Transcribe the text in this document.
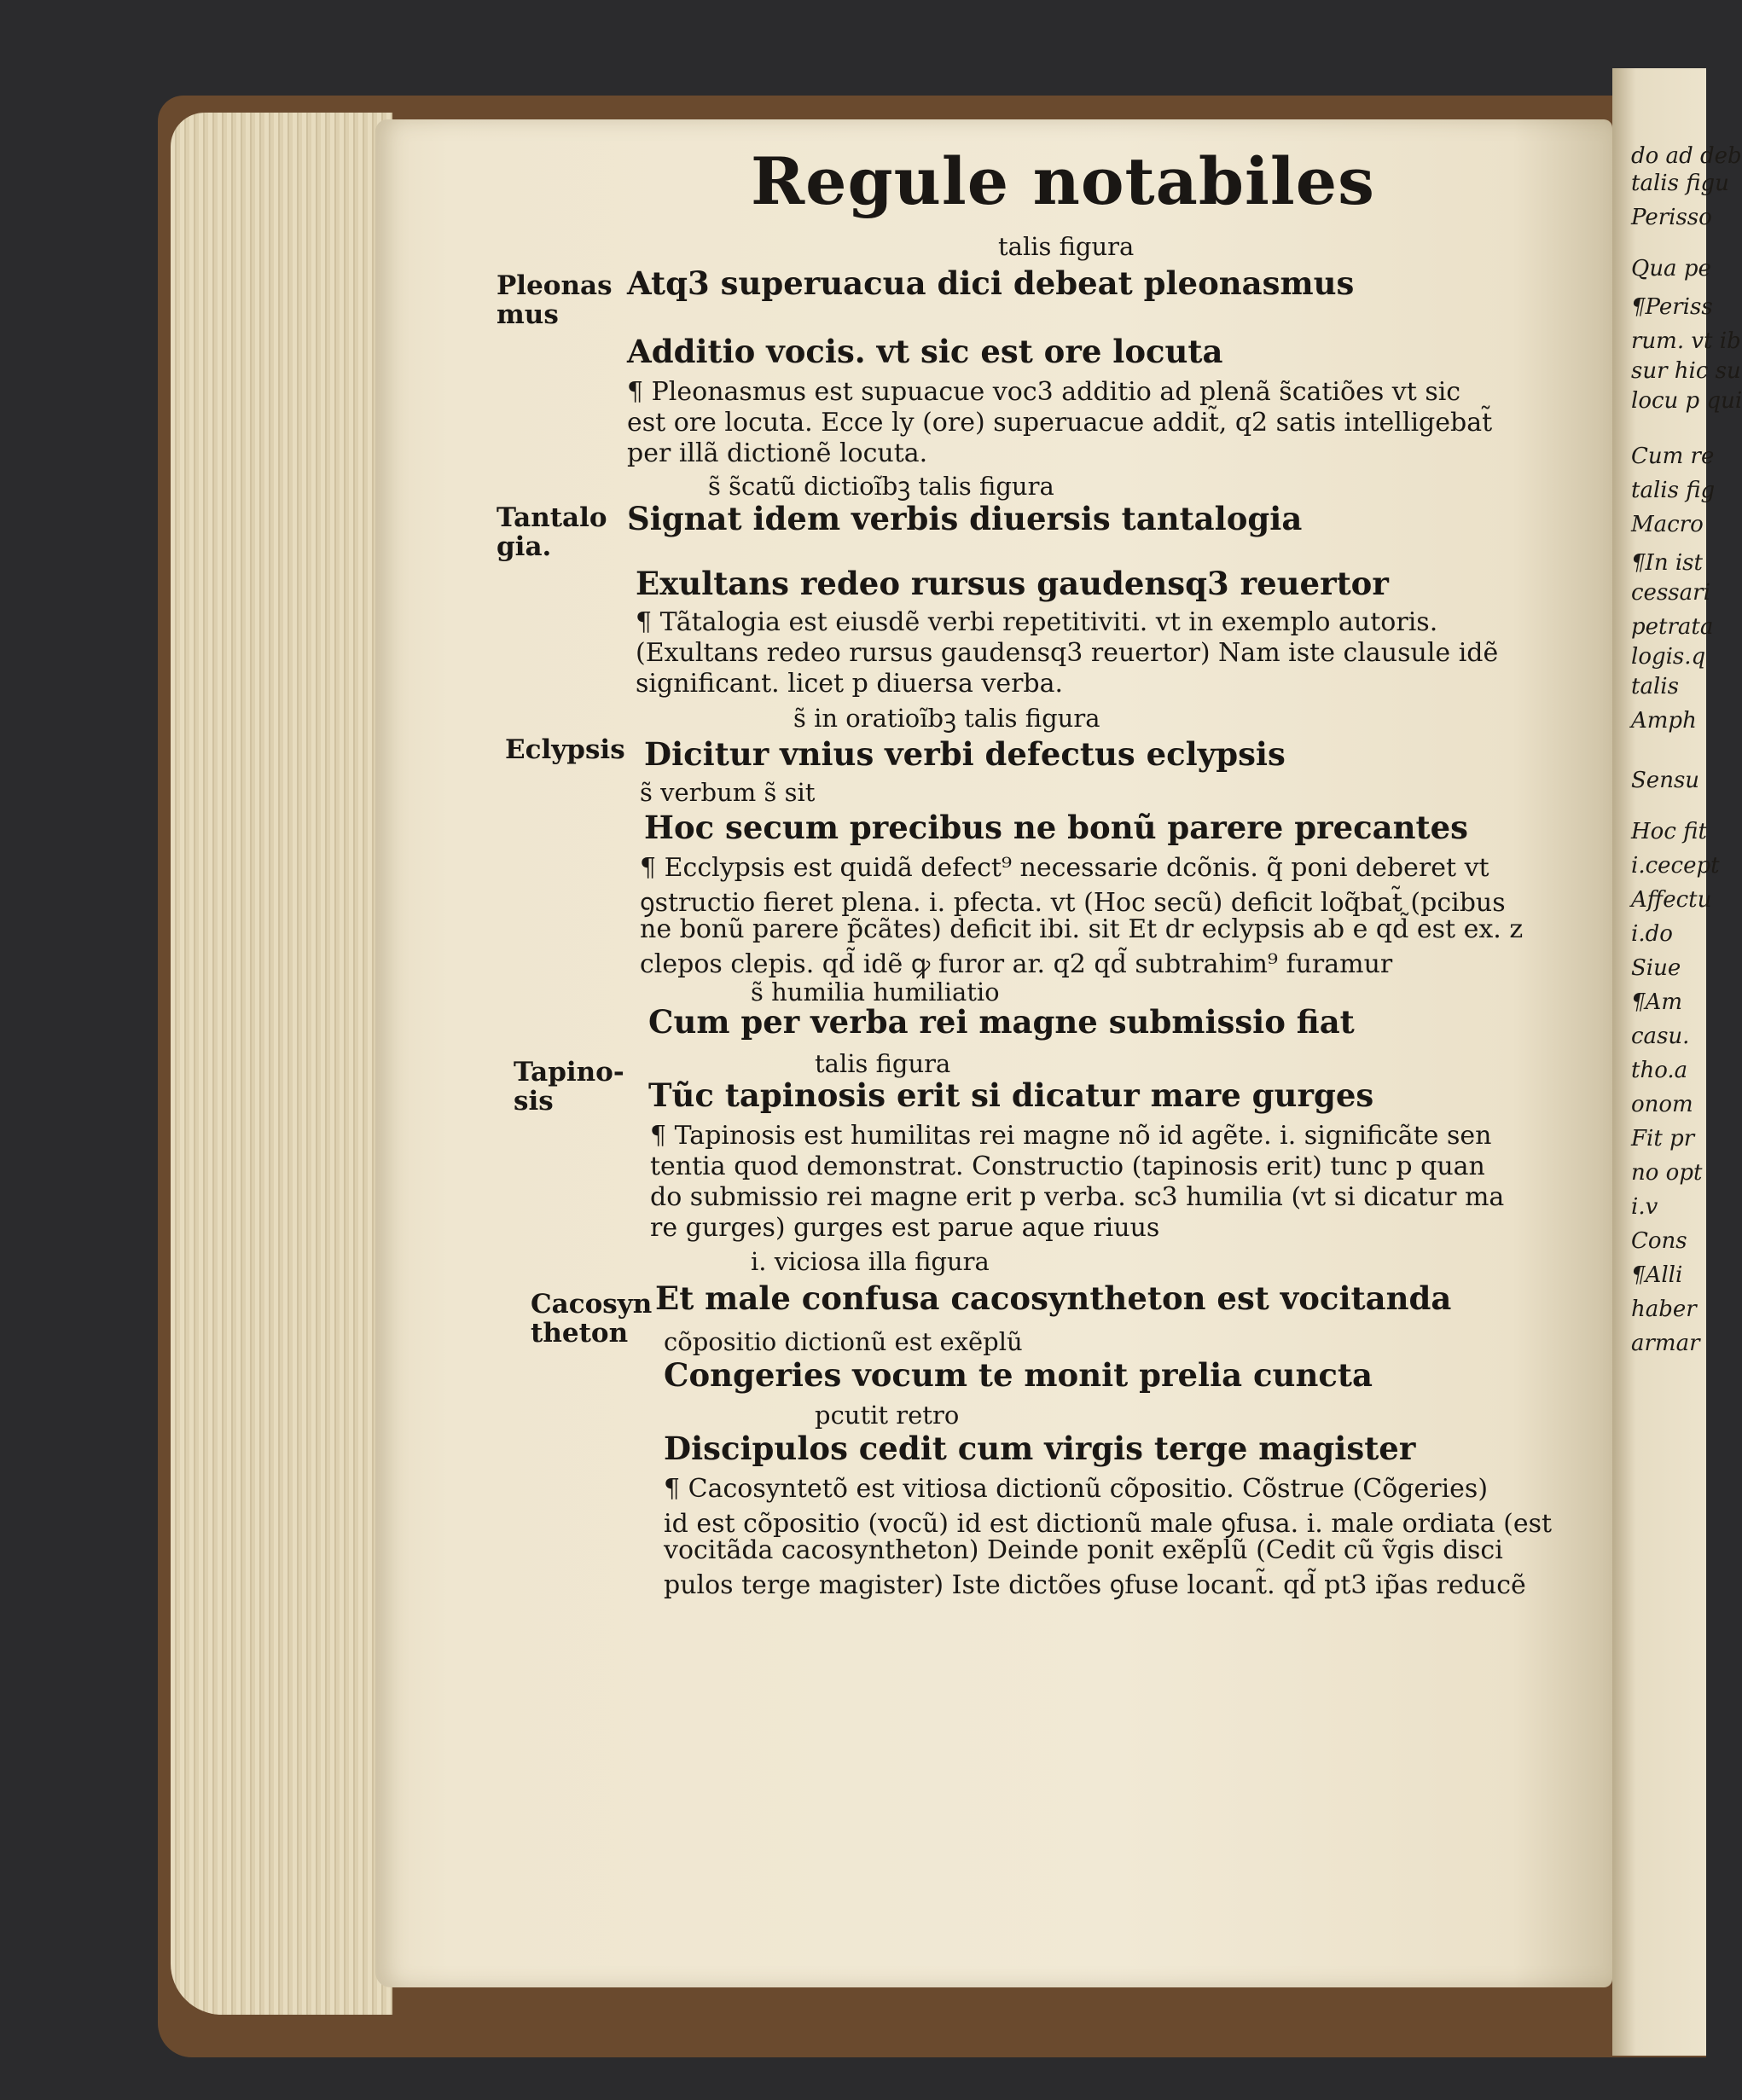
do ad deb
talis figu
Perisso
Qua pe
¶Periss
rum. vt ib
sur hic su
locu p qui
Cum re
talis fig
Macro
¶In ist
cessari
petrata
logis.q
talis
Amph
Sensu
Hoc fit
i.cecept
Affectu
i.do
Siue
¶Am
casu.
tho.a
onom
Fit pr
no opt
i.v
Cons
¶Alli
haber
armar
Regule notabiles
Pleonas
mus
talis figura
Atq3 superuacua dici debeat pleonasmus
Additio vocis. vt sic est ore locuta
¶ Pleonasmus est supuacue voc3 additio ad plenã s̃catiões vt sic
est ore locuta. Ecce ly (ore) superuacue addit̃, q2 satis intelligebat̃
per illã dictionẽ locuta.
s̃ s̃catũ dictioĩbꝫ talis figura
Tantalo
gia.
Signat idem verbis diuersis tantalogia
Exultans redeo rursus gaudensq3 reuertor
¶ Tãtalogia est eiusdẽ verbi repetitiviti. vt in exemplo autoris.
(Exultans redeo rursus gaudensq3 reuertor) Nam iste clausule idẽ
significant. licet p diuersa verba.
s̃ in oratioĩbꝫ talis figura
Eclypsis Dicitur vnius verbi defectus eclypsis
s̃ verbum s̃ sit
Hoc secum precibus ne bonũ parere precantes
¶ Ecclypsis est quidã defect⁹ necessarie dcõnis. q̃ poni deberet vt
ꝯstructio fieret plena. i. pfecta. vt (Hoc secũ) deficit loq̃bat̃ (pcibus
ne bonũ parere p̃cãtes) deficit ibi. sit Et dr eclypsis ab e qd̃ est ex. z
clepos clepis. qd̃ idẽ ꝙ furor ar. q2 qd̃ subtrahim⁹ furamur
s̃ humilia humiliatio
Tapino-
sis
Cum per verba rei magne submissio fiat
talis figura
Tũc tapinosis erit si dicatur mare gurges
¶ Tapinosis est humilitas rei magne nõ id agẽte. i. significãte sen
tentia quod demonstrat. Constructio (tapinosis erit) tunc p quan
do submissio rei magne erit p verba. sc3 humilia (vt si dicatur ma
re gurges) gurges est parue aque riuus
i. viciosa illa figura
Cacosyn
theton
Et male confusa cacosyntheton est vocitanda
cõpositio dictionũ est exẽplũ
Congeries vocum te monit prelia cuncta
pcutit retro
Discipulos cedit cum virgis terge magister
¶ Cacosyntetõ est vitiosa dictionũ cõpositio. Cõstrue (Cõgeries)
id est cõpositio (vocũ) id est dictionũ male ꝯfusa. i. male ordiata (est
vocitãda cacosyntheton) Deinde ponit exẽplũ (Cedit cũ ṽgis disci
pulos terge magister) Iste dictões ꝯfuse locant̃. qd̃ pt3 ip̃as reducẽ
